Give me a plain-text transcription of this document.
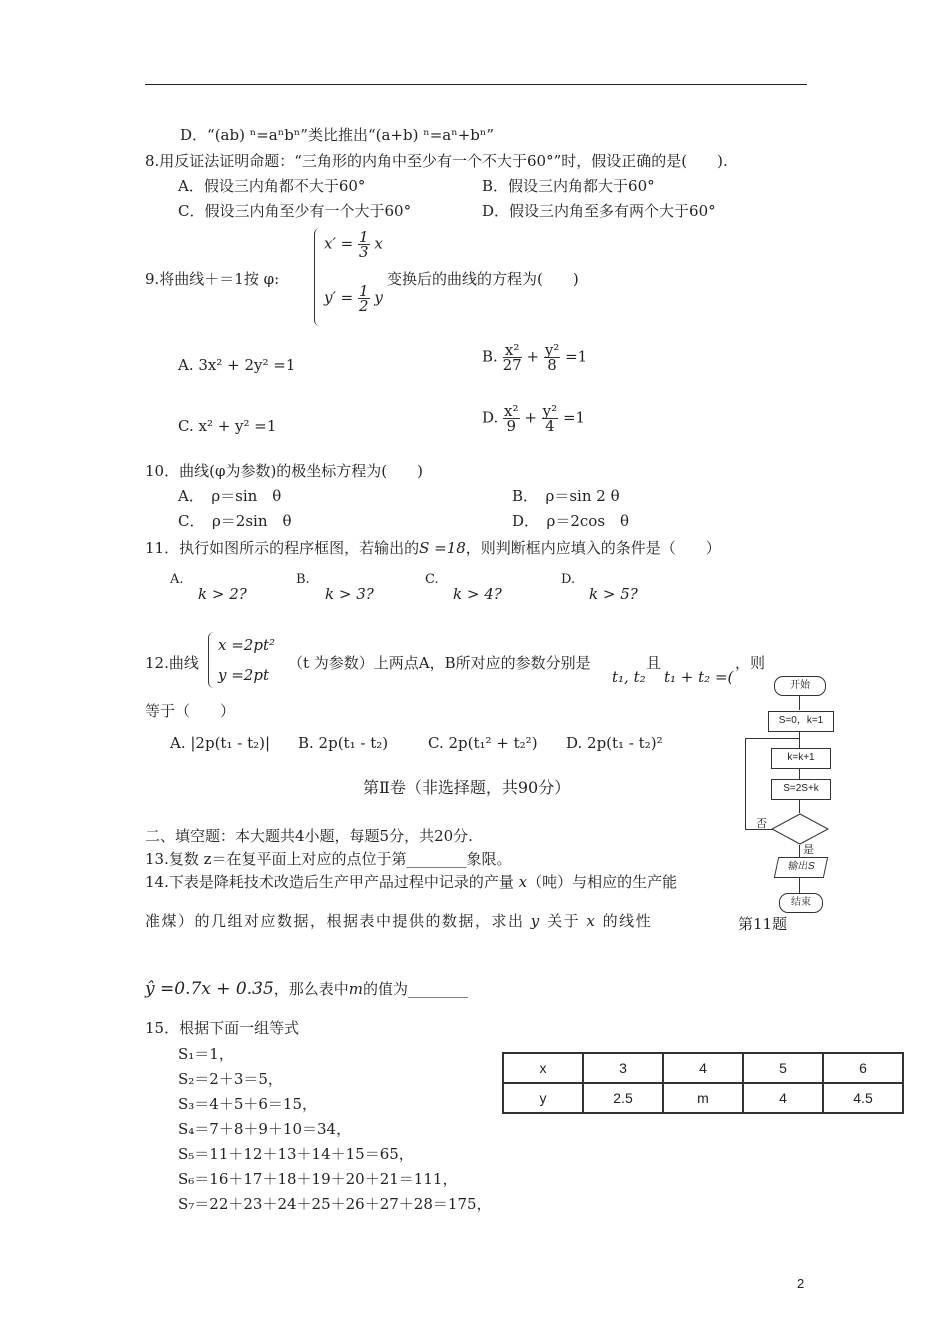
D．“(ab) ⁿ=aⁿbⁿ”类比推出“(a+b) ⁿ=aⁿ+bⁿ”
8.用反证法证明命题：“三角形的内角中至少有一个不大于60°”时，假设正确的是(　　).
A．假设三内角都不大于60°	B．假设三内角都大于60°
C．假设三内角至少有一个大于60°	D．假设三内角至多有两个大于60°
9.将曲线＋＝1按 φ:
$x' = \frac{1}{3}$ x
$y' = \frac{1}{2}$ y
变换后的曲线的方程为(　　)
A. 3x² + 2y² =1	B. $\frac{\text{x²}}{27} + \frac{\text{y²}}{8} =1$
C. x² + y² =1	D. $\frac{\text{x²}}{9} + \frac{\text{y²}}{4} =1$
10．曲线(φ为参数)的极坐标方程为(　　)
A．　ρ＝sin　θ	B．　ρ＝sin 2 θ
C．　ρ＝2sin　θ	D．　ρ＝2cos　θ
11．执行如图所示的程序框图，若输出的S =18，则判断框内应填入的条件是（　　）
A.
k > 2?
B.
k > 3?
C.
k > 4?
D.
k > 5?
12.曲线
x =2pt²
y =2pt
（t 为参数）上两点A，B所对应的参数分别是
t₁, t₂
且
t₁ + t₂ =(
，则
等于（　　）
A. |2p(t₁ - t₂)| B. 2p(t₁ - t₂)	C. 2p(t₁² + t₂²) D. 2p(t₁ - t₂)²
第Ⅱ卷（非选择题，共90分）
二、填空题：本大题共4小题，每题5分，共20分.
13.复数 z＝在复平面上对应的点位于第________象限。
14.下表是降耗技术改造后生产甲产品过程中记录的产量 x（吨）与相应的生产能
准煤）的几组对应数据，根据表中提供的数据，求出 y 关于 x 的线性
ŷ =0.7x + 0.35，那么表中m的值为________
15．根据下面一组等式
S₁＝1，
S₂＝2＋3＝5，
S₃＝4＋5＋6＝15，
S₄＝7＋8＋9＋10＝34，
S₅＝11＋12＋13＋14＋15＝65，
S₆＝16＋17＋18＋19＋20＋21＝111，
S₇＝22＋23＋24＋25＋26＋27＋28＝175，
x	3	4	5	6
y	2.5	m	4	4.5
开始
S=0，k=1
k=k+1
S=2S+k
否
是
输出S
结束
第11题
2
